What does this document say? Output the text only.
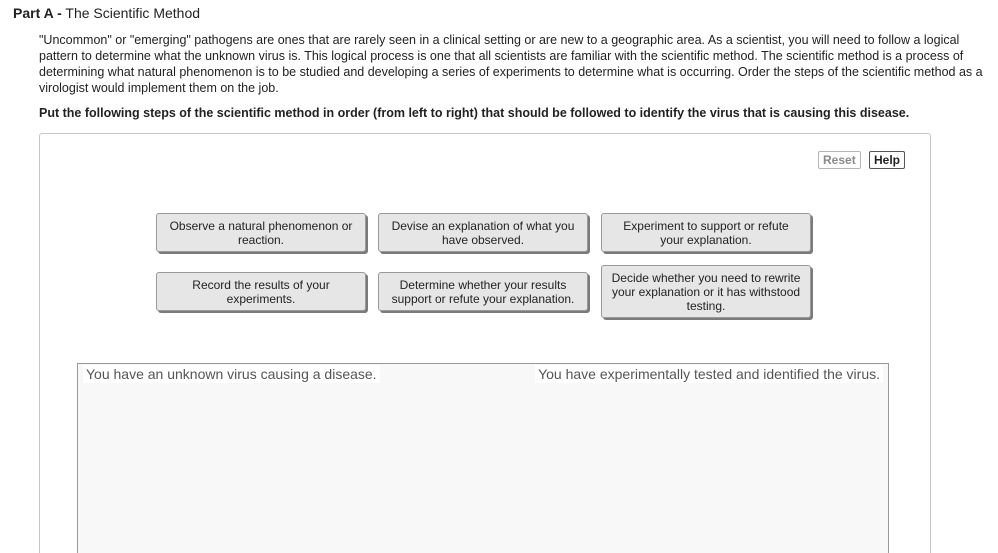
Part A - The Scientific Method
"Uncommon" or "emerging" pathogens are ones that are rarely seen in a clinical setting or are new to a geographic area. As a scientist, you will need to follow a logical pattern to determine what the unknown virus is. This logical process is one that all scientists are familiar with the scientific method. The scientific method is a process of determining what natural phenomenon is to be studied and developing a series of experiments to determine what is occurring. Order the steps of the scientific method as a virologist would implement them on the job.
Put the following steps of the scientific method in order (from left to right) that should be followed to identify the virus that is causing this disease.
Reset	Help
Observe a natural phenomenon or reaction.
Devise an explanation of what you have observed.
Experiment to support or refute your explanation.
Record the results of your experiments.
Determine whether your results support or refute your explanation.
Decide whether you need to rewrite your explanation or it has withstood testing.
You have an unknown virus causing a disease.	You have experimentally tested and identified the virus.
